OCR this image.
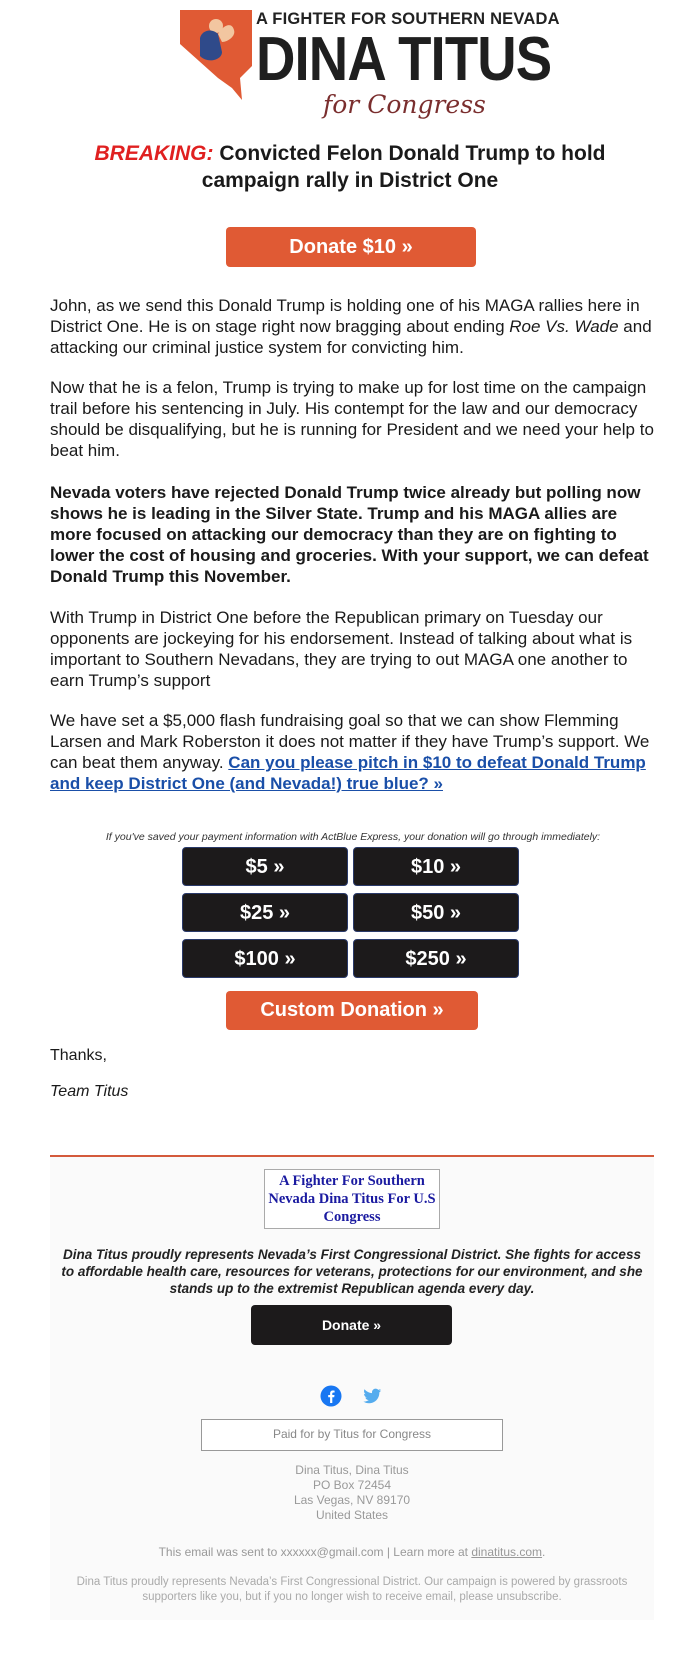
A FIGHTER FOR SOUTHERN NEVADA
DINA TITUS
for Congress
BREAKING: Convicted Felon Donald Trump to hold campaign rally in District One
Donate $10 »
John, as we send this Donald Trump is holding one of his MAGA rallies here in District One. He is on stage right now bragging about ending Roe Vs. Wade and attacking our criminal justice system for convicting him.
Now that he is a felon, Trump is trying to make up for lost time on the campaign trail before his sentencing in July. His contempt for the law and our democracy should be disqualifying, but he is running for President and we need your help to beat him.
Nevada voters have rejected Donald Trump twice already but polling now shows he is leading in the Silver State. Trump and his MAGA allies are more focused on attacking our democracy than they are on fighting to lower the cost of housing and groceries. With your support, we can defeat Donald Trump this November.
With Trump in District One before the Republican primary on Tuesday our opponents are jockeying for his endorsement. Instead of talking about what is important to Southern Nevadans, they are trying to out MAGA one another to earn Trump’s support
We have set a $5,000 flash fundraising goal so that we can show Flemming Larsen and Mark Roberston it does not matter if they have Trump’s support. We can beat them anyway. Can you please pitch in $10 to defeat Donald Trump and keep District One (and Nevada!) true blue? »
If you've saved your payment information with ActBlue Express, your donation will go through immediately:
$5 »	$10 »
$25 »	$50 »
$100 »	$250 »
Custom Donation »
Thanks,
Team Titus
A Fighter For Southern Nevada Dina Titus For U.S Congress
Dina Titus proudly represents Nevada’s First Congressional District. She fights for access to affordable health care, resources for veterans, protections for our environment, and she stands up to the extremist Republican agenda every day.
Donate »
Paid for by Titus for Congress
Dina Titus, Dina Titus
PO Box 72454
Las Vegas, NV 89170
United States
This email was sent to xxxxxx@gmail.com | Learn more at dinatitus.com.
Dina Titus proudly represents Nevada’s First Congressional District. Our campaign is powered by grassroots supporters like you, but if you no longer wish to receive email, please unsubscribe.
